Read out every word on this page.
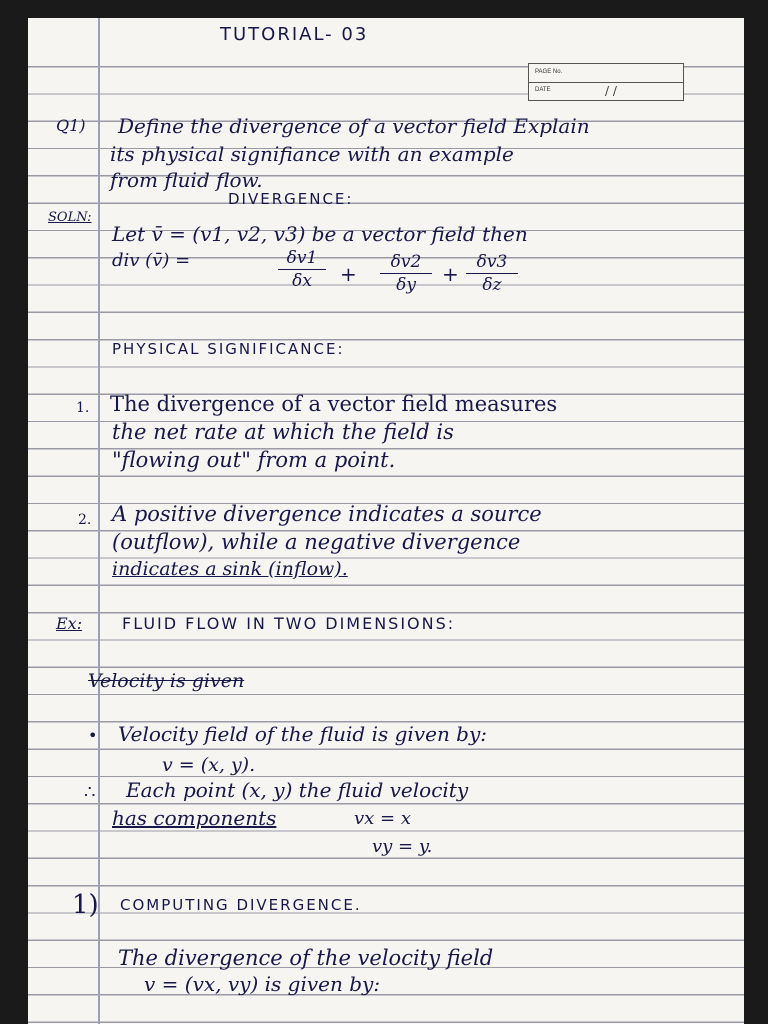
TUTORIAL- 03
PAGE No.
DATE	/ /
Q1) Define the divergence of a vector field Explain
its physical signifiance with an example
from fluid flow.
SOLN:
DIVERGENCE:
Let v̄ = (v1, v2, v3) be a vector field then
div (v̄) =	δv1
δx	+	δv2
δy	+	δv3
δz
PHYSICAL SIGNIFICANCE:
1. The divergence of a vector field measures
the net rate at which the field is
"flowing out" from a point.
2. A positive divergence indicates a source
(outflow), while a negative divergence
indicates a sink (inflow).
Ex: FLUID FLOW IN TWO DIMENSIONS:
Velocity is given
• Velocity field of the fluid is given by:
v = (x, y).
∴ Each point (x, y) the fluid velocity
has components	vx = x
vy = y.
1) COMPUTING DIVERGENCE.
The divergence of the velocity field
v = (vx, vy) is given by:
